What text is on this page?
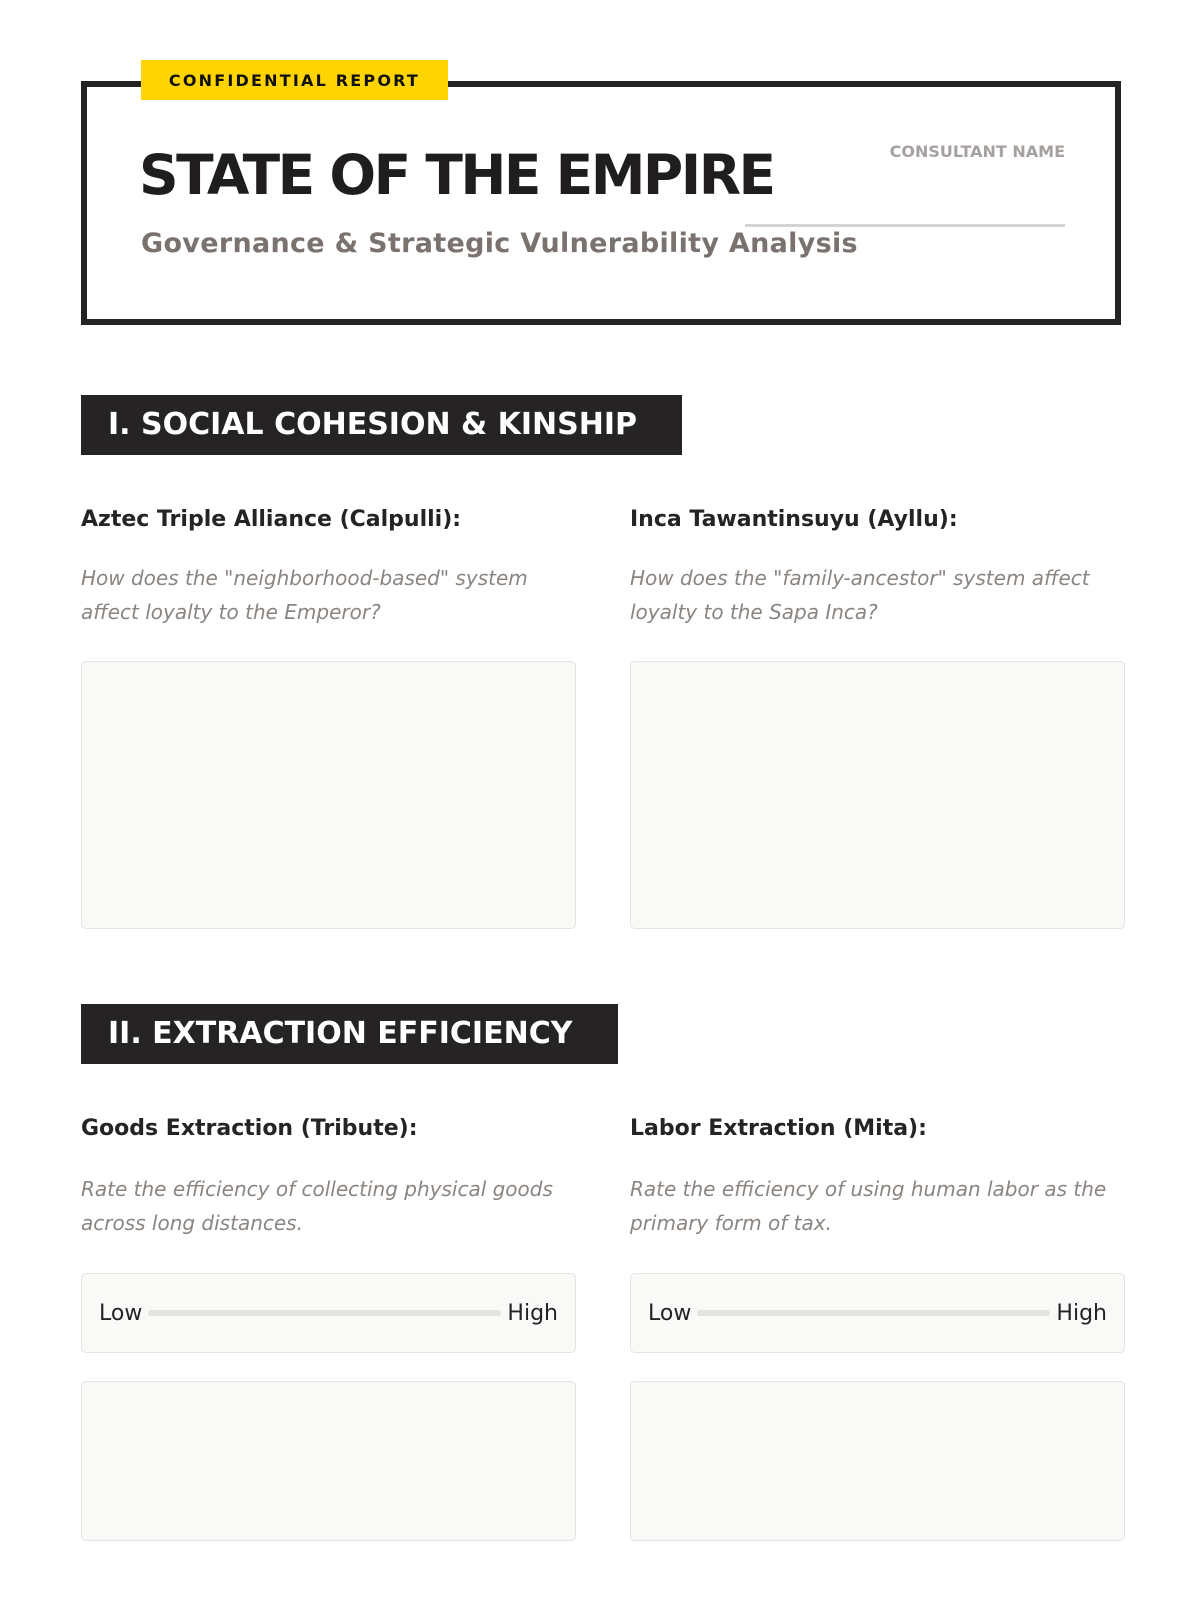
CONFIDENTIAL REPORT
STATE OF THE EMPIRE
Governance & Strategic Vulnerability Analysis
CONSULTANT NAME
I. SOCIAL COHESION & KINSHIP
Aztec Triple Alliance (Calpulli):
How does the "neighborhood-based" system affect loyalty to the Emperor?
Inca Tawantinsuyu (Ayllu):
How does the "family-ancestor" system affect loyalty to the Sapa Inca?
II. EXTRACTION EFFICIENCY
Goods Extraction (Tribute):
Rate the efficiency of collecting physical goods across long distances.
Low	High
Labor Extraction (Mita):
Rate the efficiency of using human labor as the primary form of tax.
Low	High
